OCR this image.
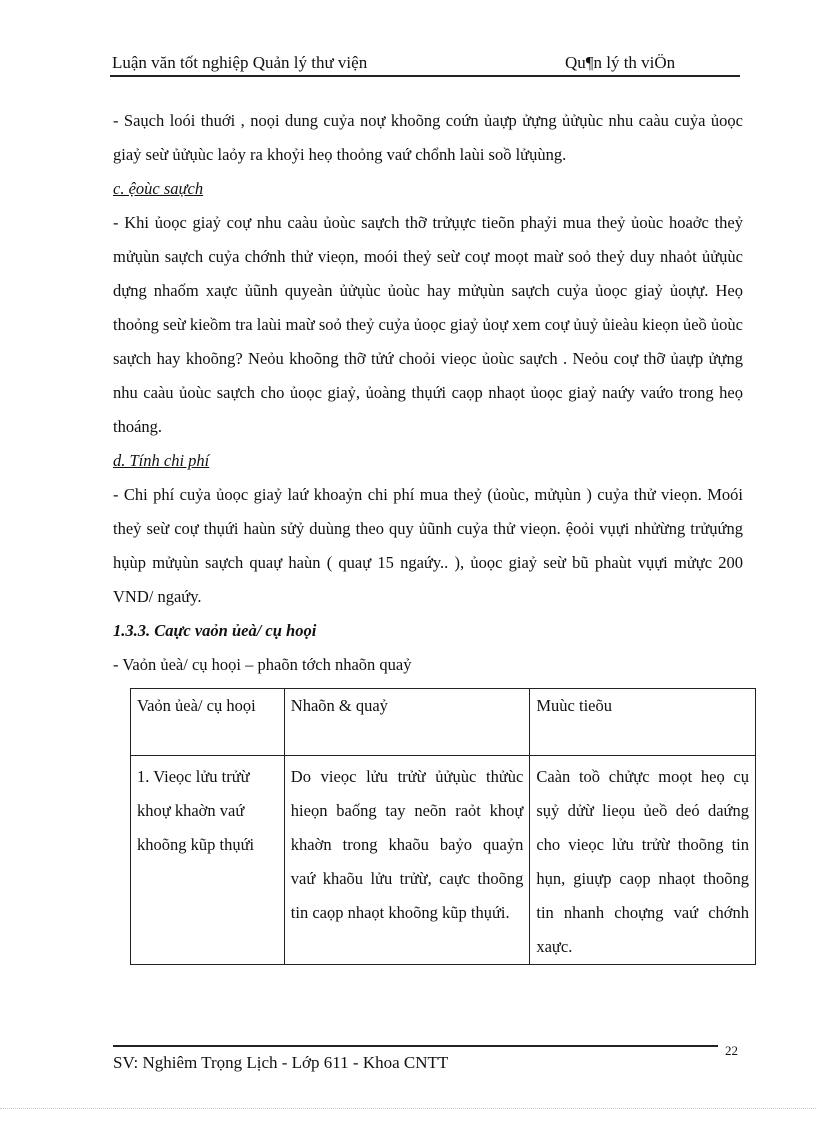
Luận văn tốt nghiệp Quản lý thư viện	Qu¶n lý th viÖn

- Saụch loói thuới , noọi dung cuỷa noự khoõng coứn ủaựp ửựng ủửụùc nhu caàu cuỷa ủoọc giaỷ seừ ủửụùc laỏy ra khoỷi heọ thoỏng vaứ chổnh laùi soồ lửụùng.

c. ệoùc saựch

- Khi ủoọc giaỷ coự nhu caàu ủoùc saựch thỡ trửụực tieõn phaỷi mua theỷ ủoùc hoaởc theỷ mửụùn saựch cuỷa chớnh thử vieọn, moói theỷ seừ coự moọt maừ soỏ theỷ duy nhaỏt ủửụùc dựng nhaốm xaực ủũnh quyeàn ủửụùc ủoùc hay mửụùn saựch cuỷa ủoọc giaỷ ủoựự. Heọ thoỏng seừ kieồm tra laùi maừ soỏ theỷ cuỷa ủoọc giaỷ ủoự xem coự ủuỷ ủieàu kieọn ủeồ ủoùc saựch hay khoõng? Neỏu khoõng thỡ tửứ choỏi vieọc ủoùc saựch . Neỏu coự thỡ ủaựp ửựng nhu caàu ủoùc saựch cho ủoọc giaỷ, ủoàng thụứi caọp nhaọt ủoọc giaỷ naứy vaứo trong heọ thoáng.

d. Tính chi phí

- Chi phí cuỷa ủoọc giaỷ laứ khoaỷn chi phí mua theỷ (ủoùc, mửụùn ) cuỷa thử vieọn. Moói theỷ seừ coự thụứi haùn sửỷ duùng theo quy ủũnh cuỷa thử vieọn. ệoỏi vụựi nhửừng trửụứng hụùp mửụùn saựch quaự haùn ( quaự 15 ngaứy.. ), ủoọc giaỷ seừ bũ phaùt vụựi mửực 200 VND/ ngaứy.

1.3.3. Caực vaỏn ủeà/ cụ hoọi

- Vaỏn ủeà/ cụ hoọi – phaõn tớch nhaõn quaỷ

Vaỏn ủeà/ cụ hoọi	Nhaõn & quaỷ	Muùc tieõu
1. Vieọc lửu trửừ khoự khaờn vaứ khoõng kũp thụứi	Do vieọc lửu trửừ ủửụùc thửùc hieọn baống tay neõn raỏt khoự khaờn trong khaõu baỷo quaỷn vaứ khaõu lửu trửừ, caực thoõng tin caọp nhaọt khoõng kũp thụứi.	Caàn toồ chửực moọt heọ cụ sụỷ dửừ lieọu ủeồ deó daứng cho vieọc lửu trửừ thoõng tin hụn, giuựp caọp nhaọt thoõng tin nhanh choựng vaứ chớnh xaực.
SV: Nghiêm Trọng Lịch - Lớp 611 - Khoa CNTT
22
